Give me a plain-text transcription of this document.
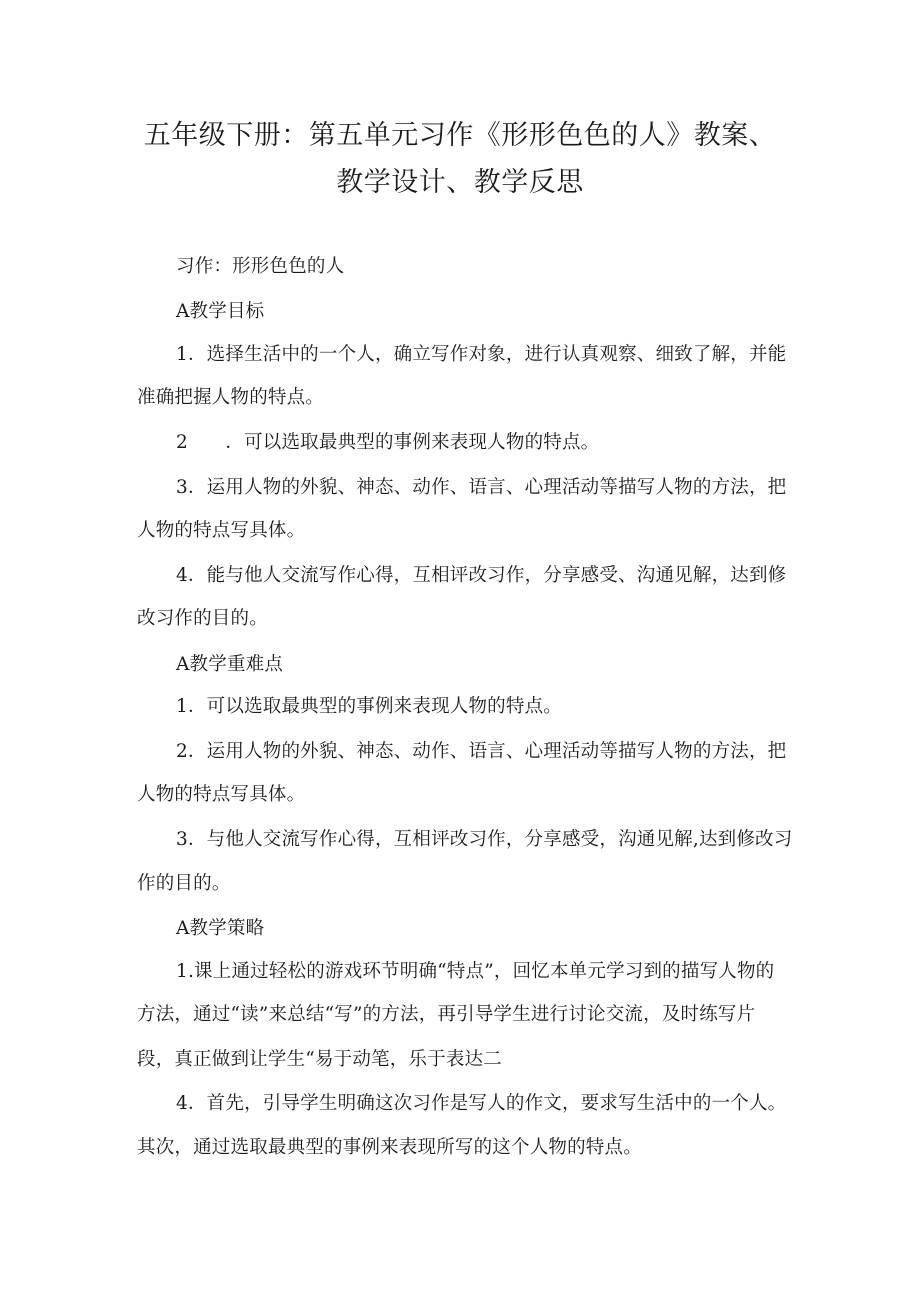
五年级下册：第五单元习作《形形色色的人》教案、
教学设计、教学反思
习作：形形色色的人
A教学目标
1．选择生活中的一个人，确立写作对象，进行认真观察、细致了解，并能
准确把握人物的特点。
2　　．可以选取最典型的事例来表现人物的特点。
3．运用人物的外貌、神态、动作、语言、心理活动等描写人物的方法，把
人物的特点写具体。
4．能与他人交流写作心得，互相评改习作，分享感受、沟通见解，达到修
改习作的目的。
A教学重难点
1．可以选取最典型的事例来表现人物的特点。
2．运用人物的外貌、神态、动作、语言、心理活动等描写人物的方法，把
人物的特点写具体。
3．与他人交流写作心得，互相评改习作，分享感受，沟通见解,达到修改习
作的目的。
A教学策略
1.课上通过轻松的游戏环节明确“特点”，回忆本单元学习到的描写人物的
方法，通过“读”来总结“写”的方法，再引导学生进行讨论交流，及时练写片
段，真正做到让学生“易于动笔，乐于表达二
4．首先，引导学生明确这次习作是写人的作文，要求写生活中的一个人。
其次，通过选取最典型的事例来表现所写的这个人物的特点。
